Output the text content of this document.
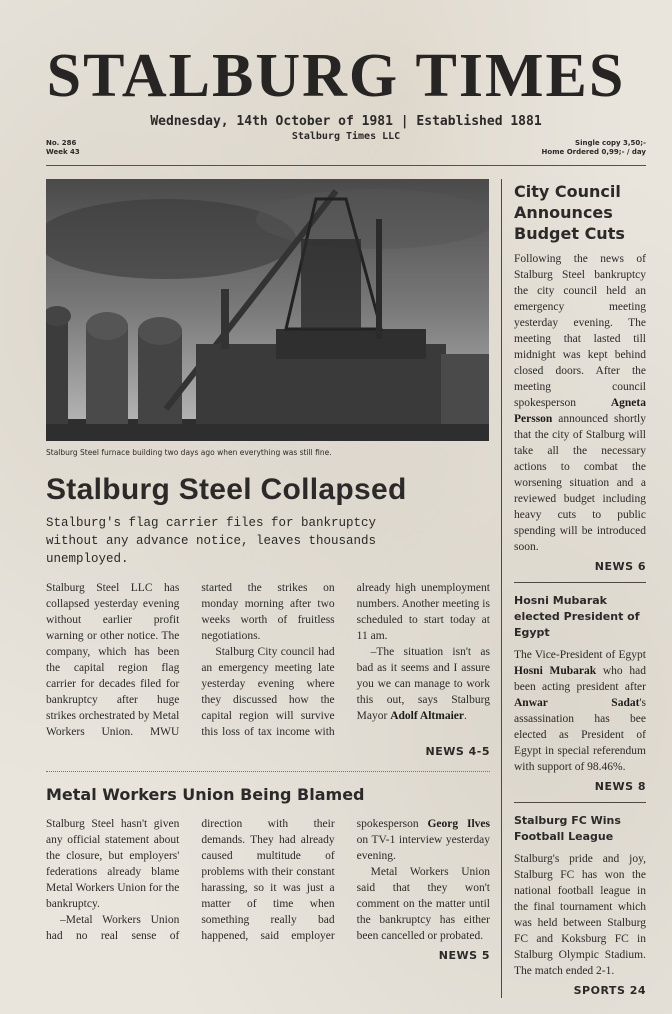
STALBURG TIMES
Wednesday, 14th October of 1981 | Established 1881
Stalburg Times LLC
No. 286
Week 43
Single copy 3,50;-
Home Ordered 0,99;- / day
Stalburg Steel furnace building two days ago when everything was still fine.
Stalburg Steel Collapsed
Stalburg's flag carrier files for bankruptcy without any advance notice, leaves thousands unemployed.

Stalburg Steel LLC has collapsed yesterday evening without earlier profit warning or other notice. The company, which has been the capital region flag carrier for decades filed for bankruptcy after huge strikes orchestrated by Metal Workers Union. MWU started the strikes on monday morning after two weeks worth of fruitless negotiations.

Stalburg City council had an emergency meeting late yesterday evening where they discussed how the capital region will survive this loss of tax income with already high unemployment numbers. Another meeting is scheduled to start today at 11 am.

–The situation isn't as bad as it seems and I assure you we can manage to work this out, says Stalburg Mayor Adolf Altmaier.

NEWS 4-5
Metal Workers Union Being Blamed

Stalburg Steel hasn't given any official statement about the closure, but employers' federations already blame Metal Workers Union for the bankruptcy.

–Metal Workers Union had no real sense of direction with their demands. They had already caused multitude of problems with their constant harassing, so it was just a matter of time when something really bad happened, said employer spokesperson Georg Ilves on TV-1 interview yesterday evening.

Metal Workers Union said that they won't comment on the matter until the bankruptcy has either been cancelled or probated.

NEWS 5
City Council Announces Budget Cuts

Following the news of Stalburg Steel bankruptcy the city council held an emergency meeting yesterday evening. The meeting that lasted till midnight was kept behind closed doors. After the meeting council spokesperson Agneta Persson announced shortly that the city of Stalburg will take all the necessary actions to combat the worsening situation and a reviewed budget including heavy cuts to public spending will be introduced soon.

NEWS 6
Hosni Mubarak elected President of Egypt

The Vice-President of Egypt Hosni Mubarak who had been acting president after Anwar Sadat's assassination has bee elected as President of Egypt in special referendum with support of 98.46%.

NEWS 8
Stalburg FC Wins Football League

Stalburg's pride and joy, Stalburg FC has won the national football league in the final tournament which was held between Stalburg FC and Koksburg FC in Stalburg Olympic Stadium. The match ended 2-1.

SPORTS 24
